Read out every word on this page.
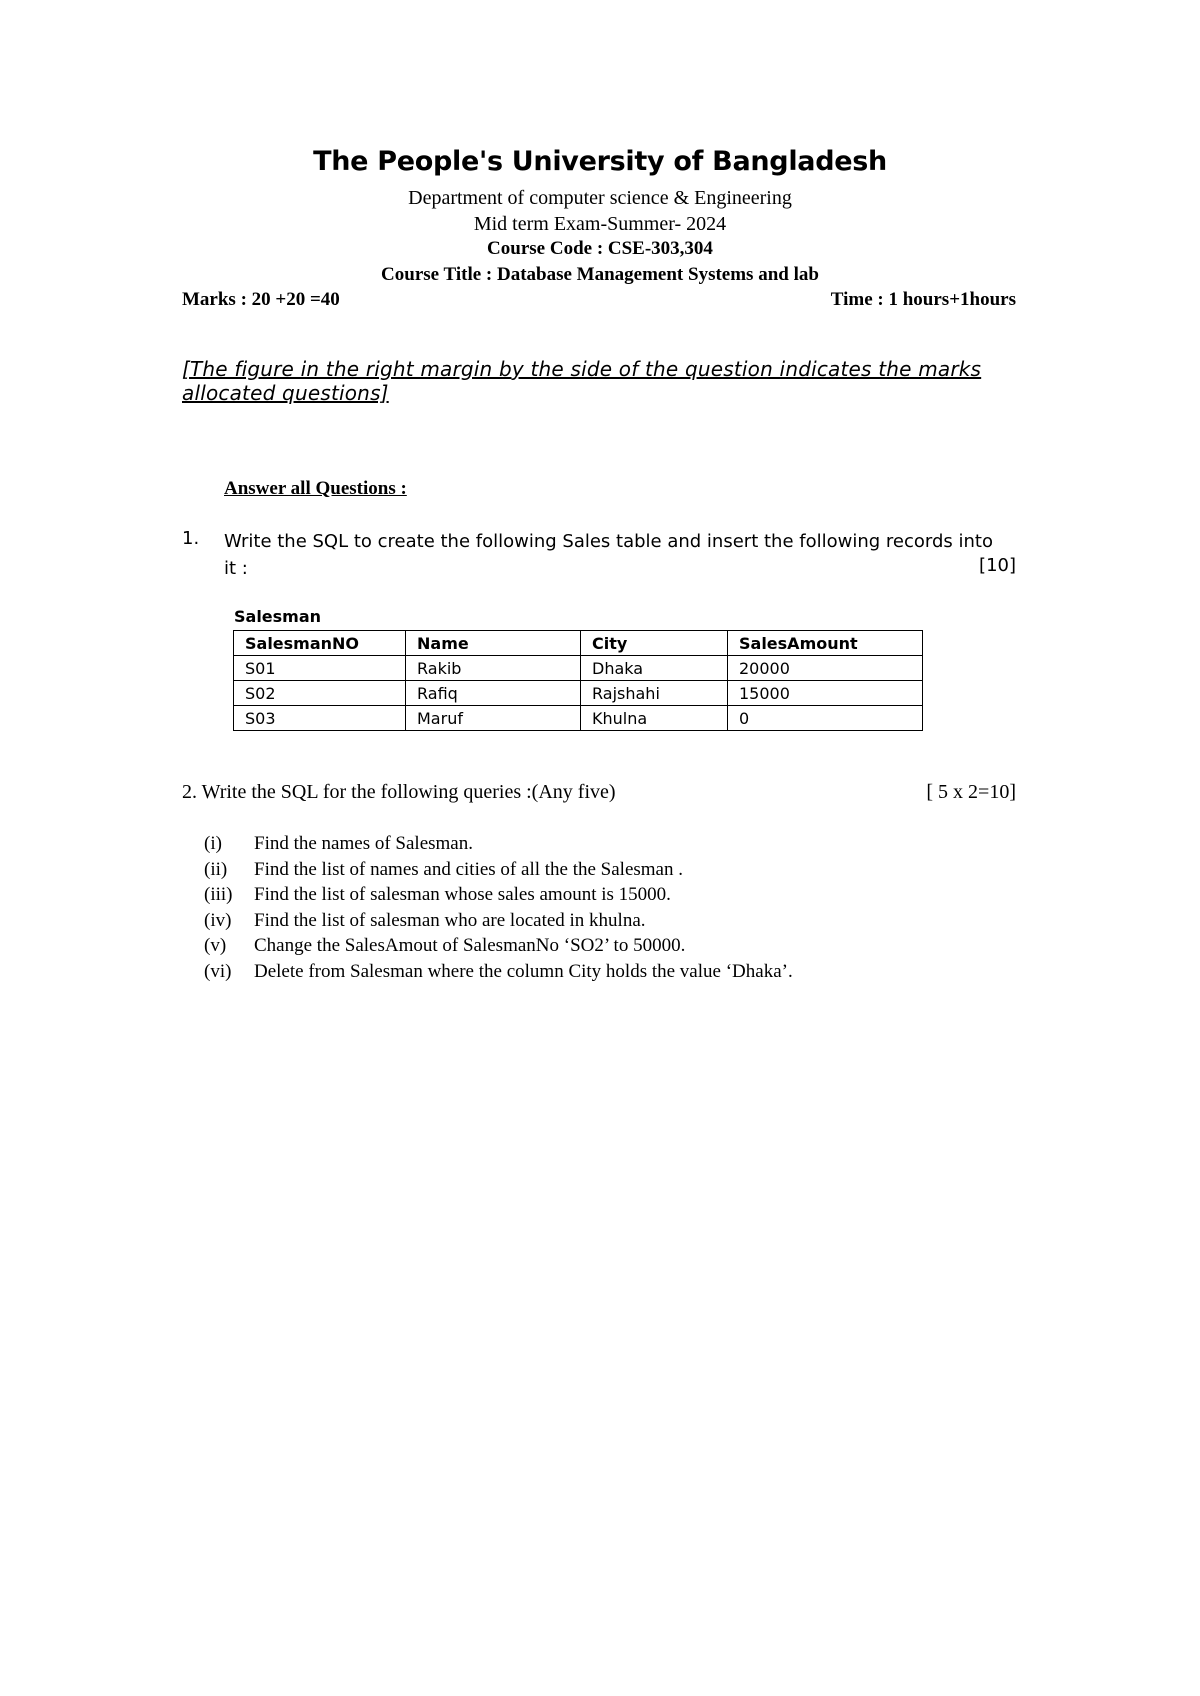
The People's University of Bangladesh
Department of computer science & Engineering
Mid term Exam-Summer- 2024
Course Code : CSE-303,304
Course Title : Database Management Systems and lab
Marks : 20 +20 =40	Time : 1 hours+1hours
[The figure in the right margin by the side of the question indicates the marks allocated questions]
Answer all Questions :
1. Write the SQL to create the following Sales table and insert the following records into it :	[10]
Salesman
SalesmanNO	Name	City	SalesAmount
S01	Rakib	Dhaka	20000
S02	Rafiq	Rajshahi	15000
S03	Maruf	Khulna	0
2. Write the SQL for the following queries :(Any five)	[ 5 x 2=10]
(i)	Find the names of Salesman.
(ii)	Find the list of names and cities of all the the Salesman .
(iii)	Find the list of salesman whose sales amount is 15000.
(iv)	Find the list of salesman who are located in khulna.
(v)	Change the SalesAmout of SalesmanNo ‘SO2’ to 50000.
(vi)	Delete from Salesman where the column City holds the value ‘Dhaka’.
